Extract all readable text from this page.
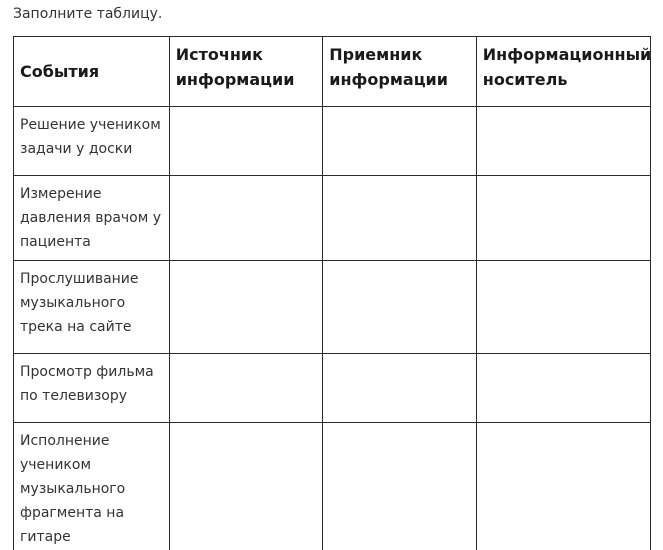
Заполните таблицу.
События	Источник информации	Приемник информации	Информационный носитель
Решение учеником задачи у доски			
Измерение давления врачом у пациента			
Прослушивание музыкального трека на сайте			
Просмотр фильма по телевизору			
Исполнение учеником музыкального фрагмента на гитаре			
